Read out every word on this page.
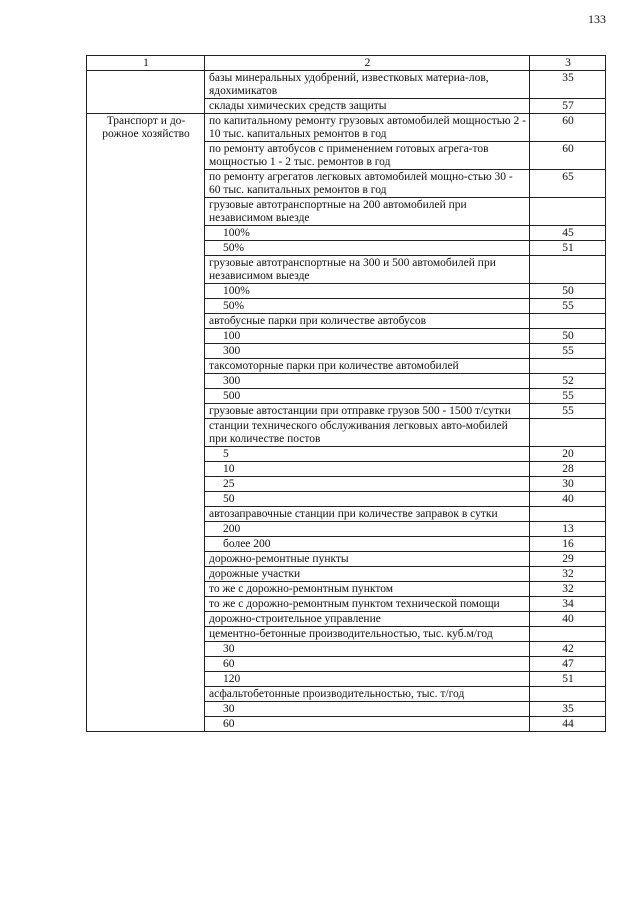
133
1	2	3
	базы минеральных удобрений, известковых материа-лов, ядохимикатов	35
	склады химических средств защиты	57
Транспорт и до-рожное хозяйство	по капитальному ремонту грузовых автомобилей мощностью 2 - 10 тыс. капитальных ремонтов в год	60
	по ремонту автобусов с применением готовых агрега-тов мощностью 1 - 2 тыс. ремонтов в год	60
	по ремонту агрегатов легковых автомобилей мощно-стью 30 - 60 тыс. капитальных ремонтов в год	65
	грузовые автотранспортные на 200 автомобилей при независимом выезде	
	100%	45
	50%	51
	грузовые автотранспортные на 300 и 500 автомобилей при независимом выезде	
	100%	50
	50%	55
	автобусные парки при количестве автобусов	
	100	50
	300	55
	таксомоторные парки при количестве автомобилей	
	300	52
	500	55
	грузовые автостанции при отправке грузов 500 - 1500 т/сутки	55
	станции технического обслуживания легковых авто-мобилей при количестве постов	
	5	20
	10	28
	25	30
	50	40
	автозаправочные станции при количестве заправок в сутки	
	200	13
	более 200	16
	дорожно-ремонтные пункты	29
	дорожные участки	32
	то же с дорожно-ремонтным пунктом	32
	то же с дорожно-ремонтным пунктом технической помощи	34
	дорожно-строительное управление	40
	цементно-бетонные производительностью, тыс. куб.м/год	
	30	42
	60	47
	120	51
	асфальтобетонные производительностью, тыс. т/год	
	30	35
	60	44
